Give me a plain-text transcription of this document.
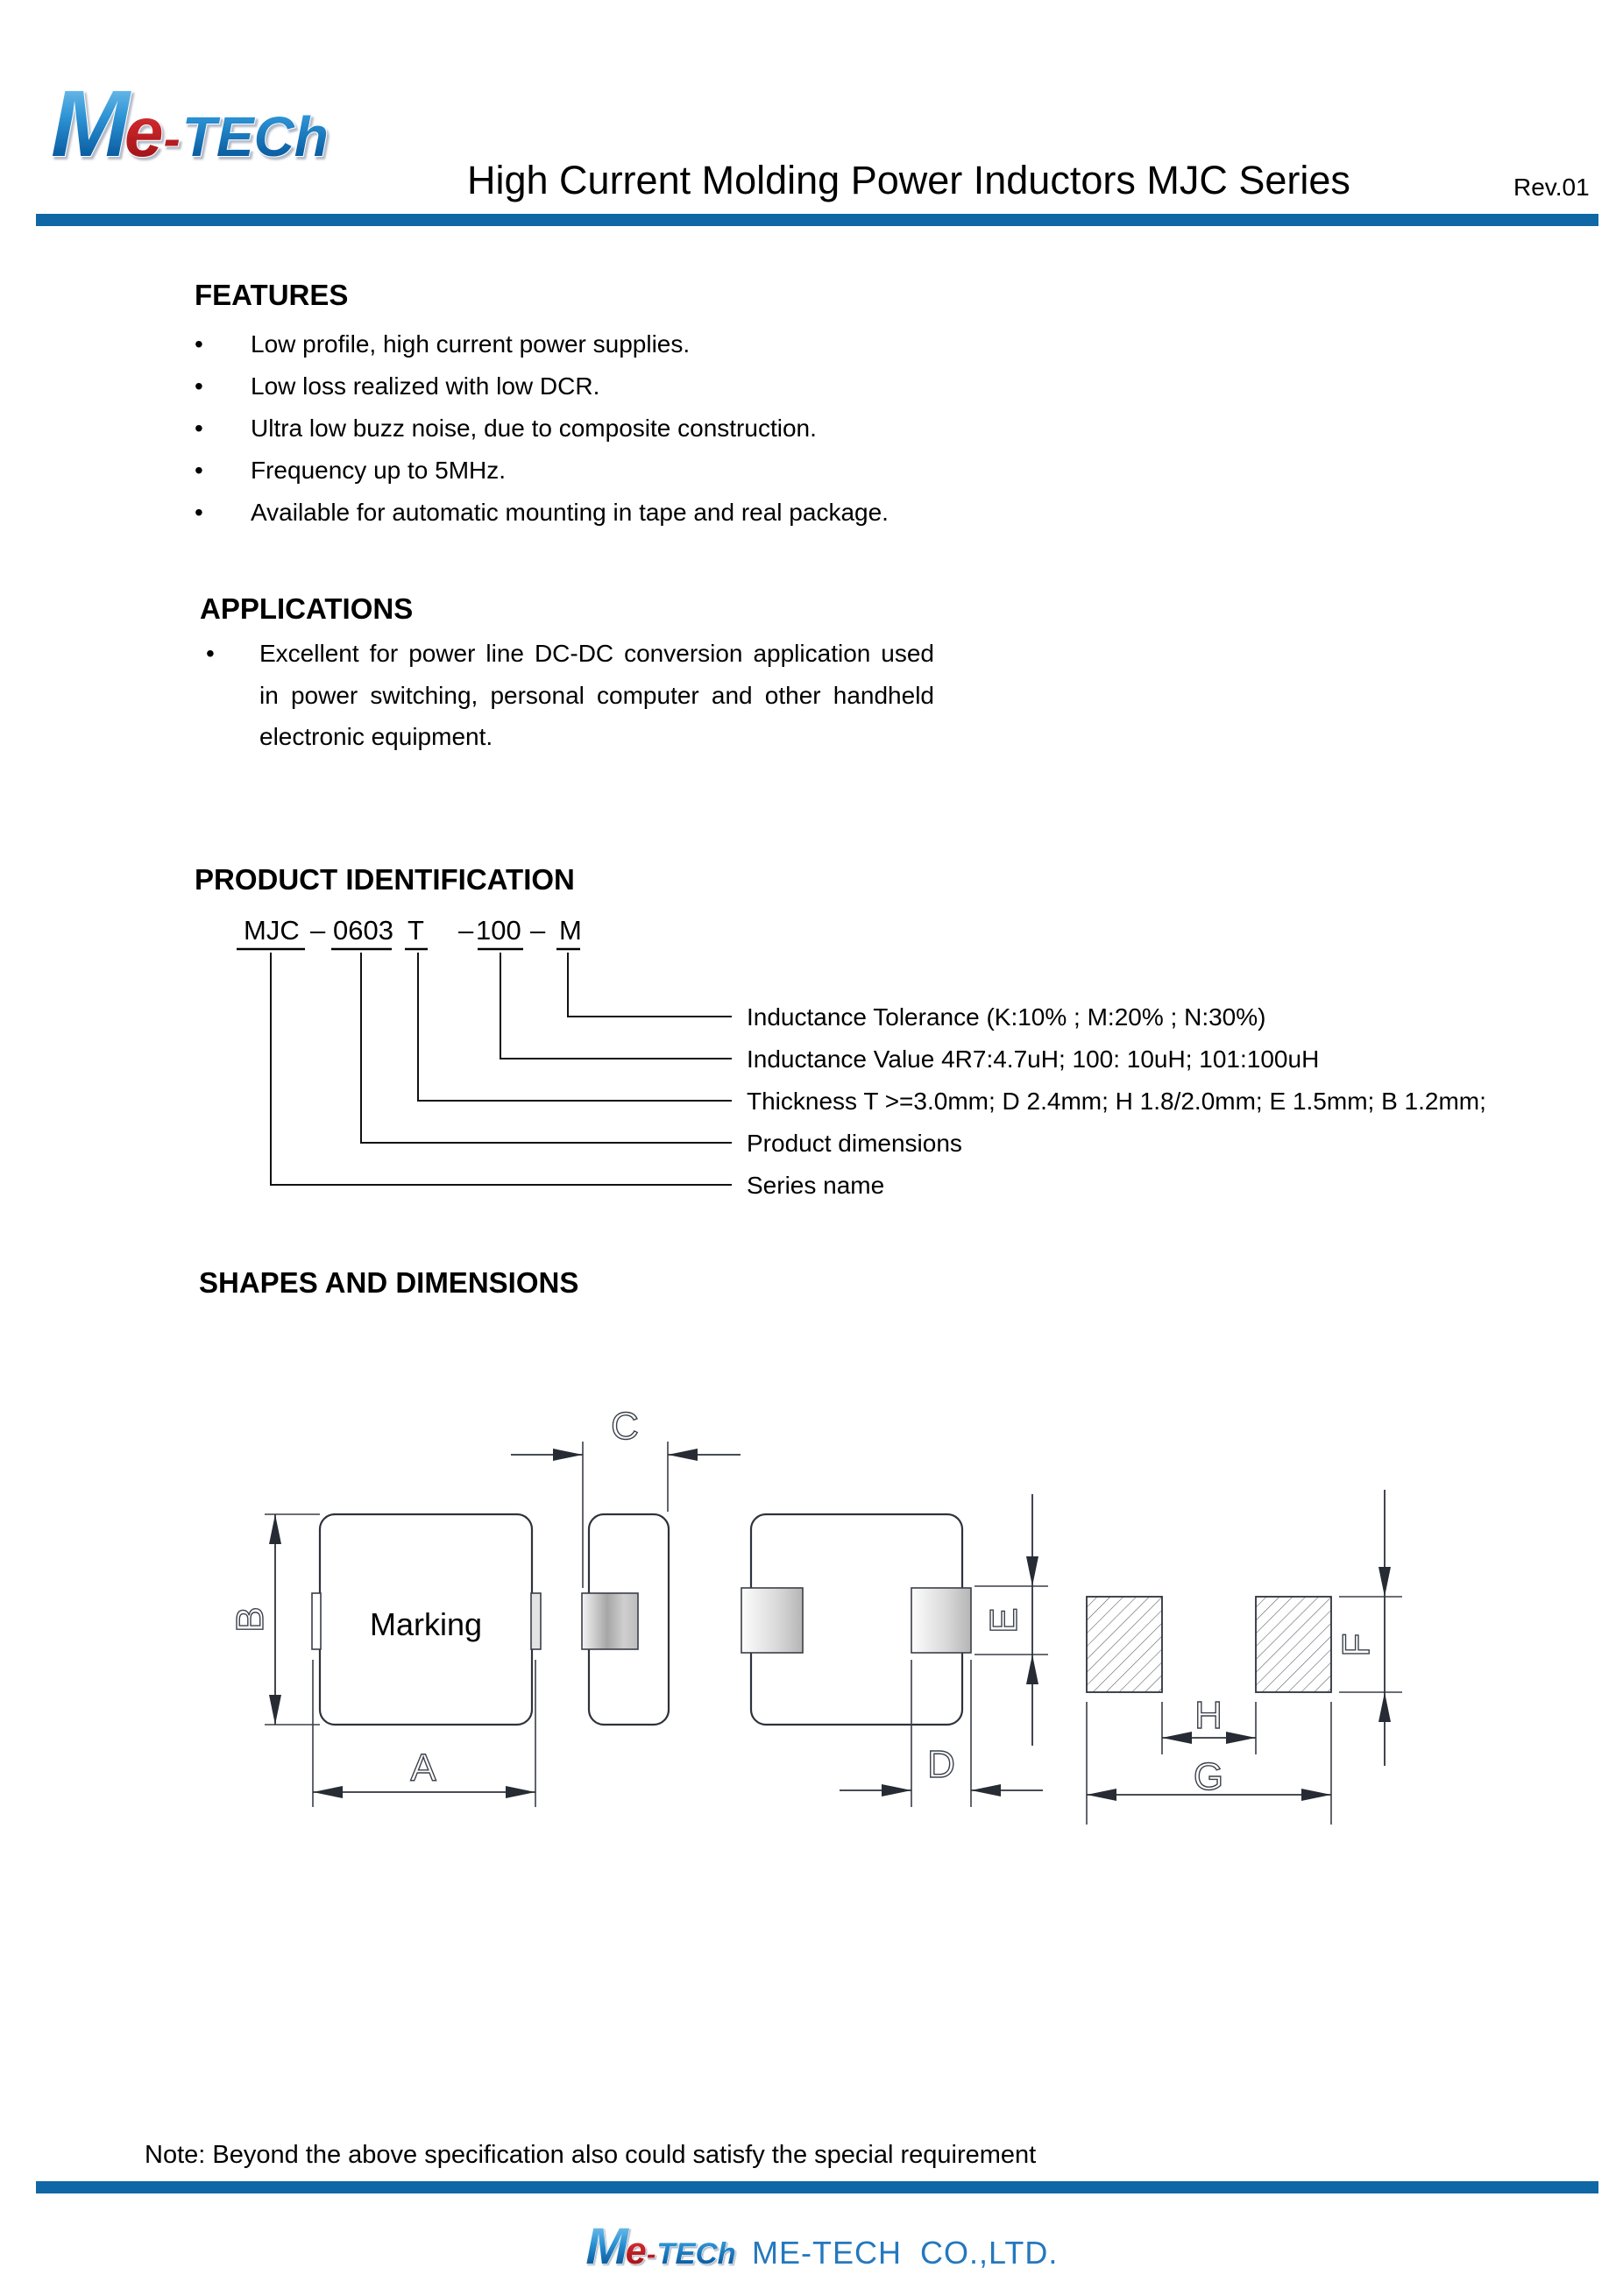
Me-TECh
High Current Molding Power Inductors MJC Series	Rev.01
FEATURES
•	Low profile, high current power supplies.
•	Low loss realized with low DCR.
•	Ultra low buzz noise, due to composite construction.
•	Frequency up to 5MHz.
•	Available for automatic mounting in tape and real package.
APPLICATIONS
•	Excellent for power line DC-DC conversion application used in power switching, personal computer and other handheld electronic equipment.
PRODUCT IDENTIFICATION
MJC – 0603 T – 100 – M
Inductance Tolerance (K:10% ; M:20% ; N:30%)
Inductance Value 4R7:4.7uH; 100: 10uH; 101:100uH
Thickness T >=3.0mm; D 2.4mm; H 1.8/2.0mm; E 1.5mm; B 1.2mm;
Product dimensions
Series name
SHAPES AND DIMENSIONS
Marking
B
A
C
E
D
F
H
G
Note: Beyond the above specification also could satisfy the special requirement
Me-TECh ME-TECH CO.,LTD.
